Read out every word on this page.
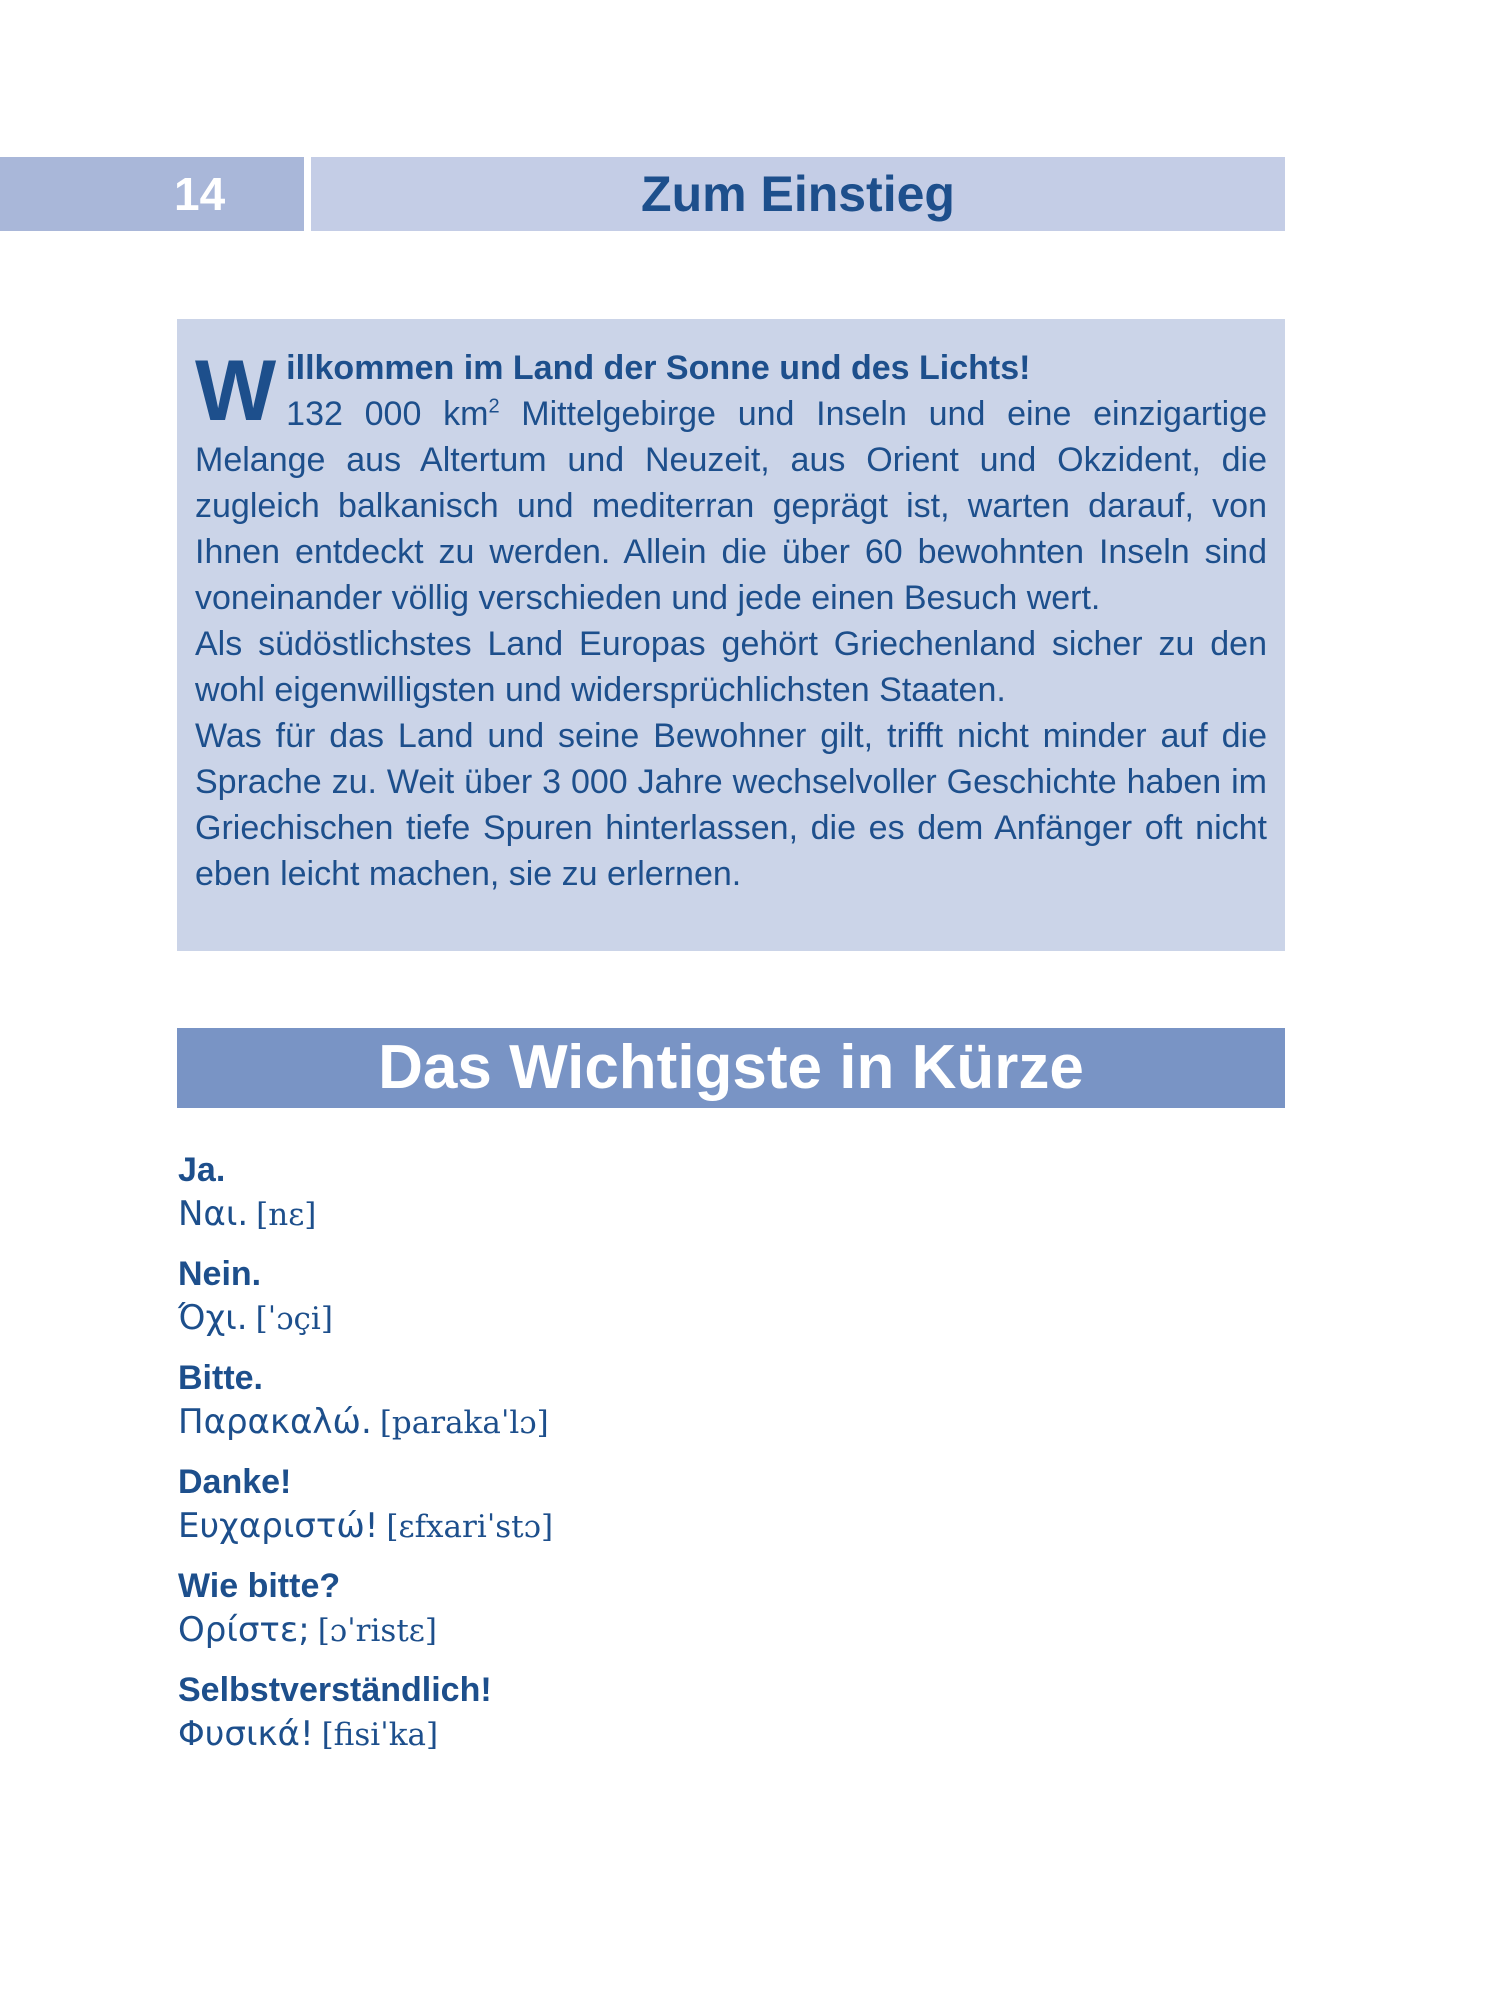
14	Zum Einstieg
W illkommen im Land der Sonne und des Lichts!
132 000 $km^2$ Mittelgebirge und Inseln und eine einzigartige Melange aus Altertum und Neuzeit, aus Orient und Okzident, die zugleich balkanisch und mediterran geprägt ist, warten darauf, von Ihnen entdeckt zu werden. Allein die über 60 bewohnten Inseln sind voneinander völlig verschieden und jede einen Besuch wert.

Als südöstlichstes Land Europas gehört Griechenland sicher zu den wohl eigenwilligsten und widersprüchlichsten Staaten.

Was für das Land und seine Bewohner gilt, trifft nicht minder auf die Sprache zu. Weit über 3 000 Jahre wechselvoller Geschichte haben im Griechischen tiefe Spuren hinterlassen, die es dem Anfänger oft nicht eben leicht machen, sie zu erlernen.

Das Wichtigste in Kürze
Ja.
Ναι. [nɛ]
Nein.
Όχι. [ˈɔçi]
Bitte.
Παρακαλώ. [parakaˈlɔ]
Danke!
Ευχαριστώ! [ɛfxariˈstɔ]
Wie bitte?
Ορίστε; [ɔˈristɛ]
Selbstverständlich!
Φυσικά! [fisiˈka]
